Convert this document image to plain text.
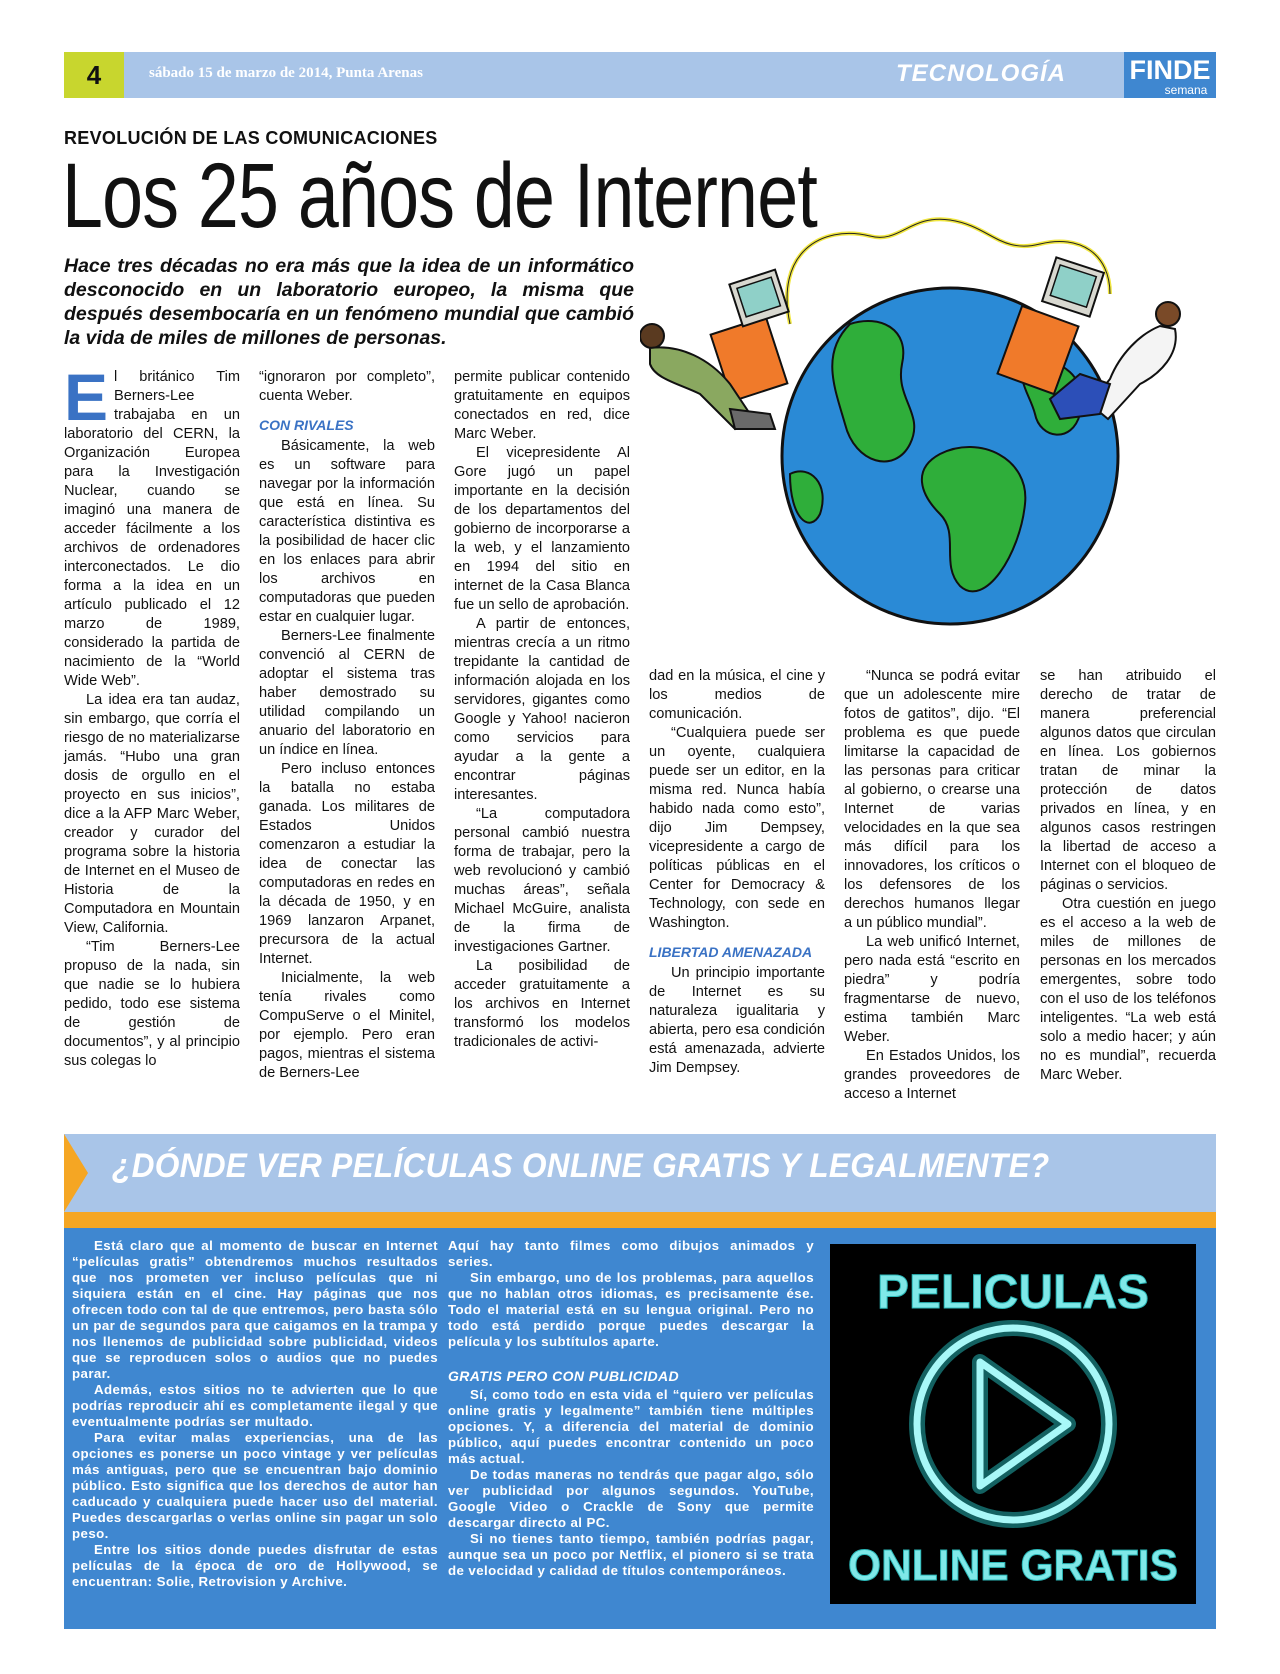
4	sábado 15 de marzo de 2014, Punta Arenas	TECNOLOGÍA FINDE
semana
REVOLUCIÓN DE LAS COMUNICACIONES
Los 25 años de Internet
Hace tres décadas no era más que la idea de un informático desconocido en un laboratorio europeo, la misma que después desembocaría en un fenómeno mundial que cambió la vida de miles de millones de personas.
E l británico Tim Berners-Lee trabajaba en un laboratorio del CERN, la Organización Europea para la Investigación Nuclear, cuando se imaginó una manera de acceder fácilmente a los archivos de ordenadores interconectados. Le dio forma a la idea en un artículo publicado el 12 marzo de 1989, considerado la partida de nacimiento de la “World Wide Web”.

La idea era tan audaz, sin embargo, que corría el riesgo de no materializarse jamás. “Hubo una gran dosis de orgullo en el proyecto en sus inicios”, dice a la AFP Marc Weber, creador y curador del programa sobre la historia de Internet en el Museo de Historia de la Computadora en Mountain View, California.

“Tim Berners-Lee propuso de la nada, sin que nadie se lo hubiera pedido, todo ese sistema de gestión de documentos”, y al principio sus colegas lo

“ignoraron por completo”, cuenta Weber.

CON RIVALES

Básicamente, la web es un software para navegar por la información que está en línea. Su característica distintiva es la posibilidad de hacer clic en los enlaces para abrir los archivos en computadoras que pueden estar en cualquier lugar.

Berners-Lee finalmente convenció al CERN de adoptar el sistema tras haber demostrado su utilidad compilando un anuario del laboratorio en un índice en línea.

Pero incluso entonces la batalla no estaba ganada. Los militares de Estados Unidos comenzaron a estudiar la idea de conectar las computadoras en redes en la década de 1950, y en 1969 lanzaron Arpanet, precursora de la actual Internet.

Inicialmente, la web tenía rivales como CompuServe o el Minitel, por ejemplo. Pero eran pagos, mientras el sistema de Berners-Lee

permite publicar contenido gratuitamente en equipos conectados en red, dice Marc Weber.

El vicepresidente Al Gore jugó un papel importante en la decisión de los departamentos del gobierno de incorporarse a la web, y el lanzamiento en 1994 del sitio en internet de la Casa Blanca fue un sello de aprobación.

A partir de entonces, mientras crecía a un ritmo trepidante la cantidad de información alojada en los servidores, gigantes como Google y Yahoo! nacieron como servicios para ayudar a la gente a encontrar páginas interesantes.

“La computadora personal cambió nuestra forma de trabajar, pero la web revolucionó y cambió muchas áreas”, señala Michael McGuire, analista de la firma de investigaciones Gartner.

La posibilidad de acceder gratuitamente a los archivos en Internet transformó los modelos tradicionales de activi-

dad en la música, el cine y los medios de comunicación.

“Cualquiera puede ser un oyente, cualquiera puede ser un editor, en la misma red. Nunca había habido nada como esto”, dijo Jim Dempsey, vicepresidente a cargo de políticas públicas en el Center for Democracy & Technology, con sede en Washington.

LIBERTAD AMENAZADA

Un principio importante de Internet es su naturaleza igualitaria y abierta, pero esa condición está amenazada, advierte Jim Dempsey.

“Nunca se podrá evitar que un adolescente mire fotos de gatitos”, dijo. “El problema es que puede limitarse la capacidad de las personas para criticar al gobierno, o crearse una Internet de varias velocidades en la que sea más difícil para los innovadores, los críticos o los defensores de los derechos humanos llegar a un público mundial”.

La web unificó Internet, pero nada está “escrito en piedra” y podría fragmentarse de nuevo, estima también Marc Weber.

En Estados Unidos, los grandes proveedores de acceso a Internet

se han atribuido el derecho de tratar de manera preferencial algunos datos que circulan en línea. Los gobiernos tratan de minar la protección de datos privados en línea, y en algunos casos restringen la libertad de acceso a Internet con el bloqueo de páginas o servicios.

Otra cuestión en juego es el acceso a la web de miles de millones de personas en los mercados emergentes, sobre todo con el uso de los teléfonos inteligentes. “La web está solo a medio hacer; y aún no es mundial”, recuerda Marc Weber.

¿DÓNDE VER PELÍCULAS ONLINE GRATIS Y LEGALMENTE?

Está claro que al momento de buscar en Internet “películas gratis” obtendremos muchos resultados que nos prometen ver incluso películas que ni siquiera están en el cine. Hay páginas que nos ofrecen todo con tal de que entremos, pero basta sólo un par de segundos para que caigamos en la trampa y nos llenemos de publicidad sobre publicidad, videos que se reproducen solos o audios que no puedes parar.

Además, estos sitios no te advierten que lo que podrías reproducir ahí es completamente ilegal y que eventualmente podrías ser multado.

Para evitar malas experiencias, una de las opciones es ponerse un poco vintage y ver películas más antiguas, pero que se encuentran bajo dominio público. Esto significa que los derechos de autor han caducado y cualquiera puede hacer uso del material. Puedes descargarlas o verlas online sin pagar un solo peso.

Entre los sitios donde puedes disfrutar de estas películas de la época de oro de Hollywood, se encuentran: Solie, Retrovision y Archive.

Aquí hay tanto filmes como dibujos animados y series.

Sin embargo, uno de los problemas, para aquellos que no hablan otros idiomas, es precisamente ése. Todo el material está en su lengua original. Pero no todo está perdido porque puedes descargar la película y los subtítulos aparte.

GRATIS PERO CON PUBLICIDAD

Sí, como todo en esta vida el “quiero ver películas online gratis y legalmente” también tiene múltiples opciones. Y, a diferencia del material de dominio público, aquí puedes encontrar contenido un poco más actual.

De todas maneras no tendrás que pagar algo, sólo ver publicidad por algunos segundos. YouTube, Google Video o Crackle de Sony que permite descargar directo al PC.

Si no tienes tanto tiempo, también podrías pagar, aunque sea un poco por Netflix, el pionero si se trata de velocidad y calidad de títulos contemporáneos.

PELICULAS
ONLINE GRATIS
